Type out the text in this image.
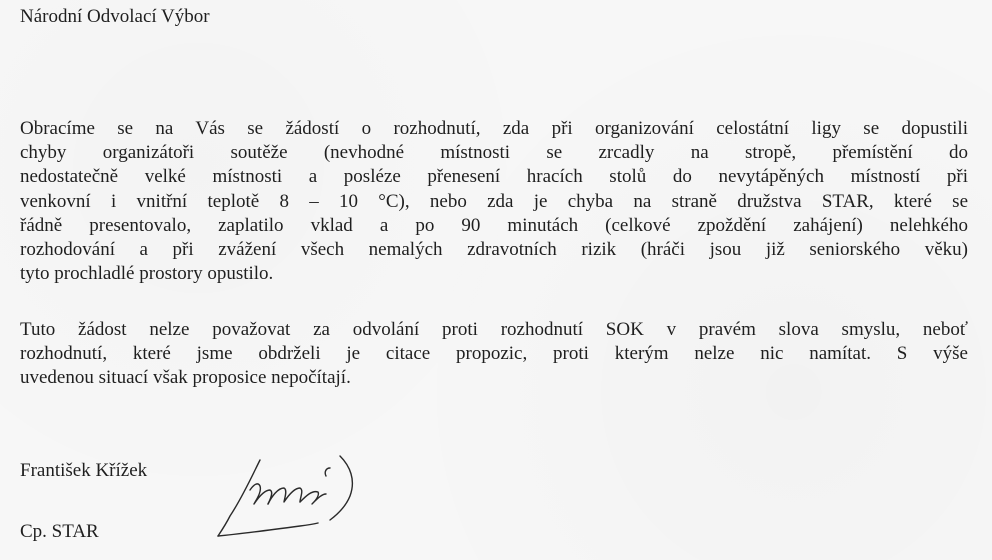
Národní Odvolací Výbor
Obracíme se na Vás se žádostí o rozhodnutí, zda při organizování celostátní ligy se dopustili
chyby organizátoři soutěže (nevhodné místnosti se zrcadly na stropě, přemístění do
nedostatečně velké místnosti a posléze přenesení hracích stolů do nevytápěných místností při
venkovní i vnitřní teplotě 8 – 10 °C), nebo zda je chyba na straně družstva STAR, které se
řádně presentovalo, zaplatilo vklad a po 90 minutách (celkové zpoždění zahájení) nelehkého
rozhodování a při zvážení všech nemalých zdravotních rizik (hráči jsou již seniorského věku)
tyto prochladlé prostory opustilo.
Tuto žádost nelze považovat za odvolání proti rozhodnutí SOK v pravém slova smyslu, neboť
rozhodnutí, které jsme obdrželi je citace propozic, proti kterým nelze nic namítat. S výše
uvedenou situací však proposice nepočítají.
František Křížek
Cp. STAR
